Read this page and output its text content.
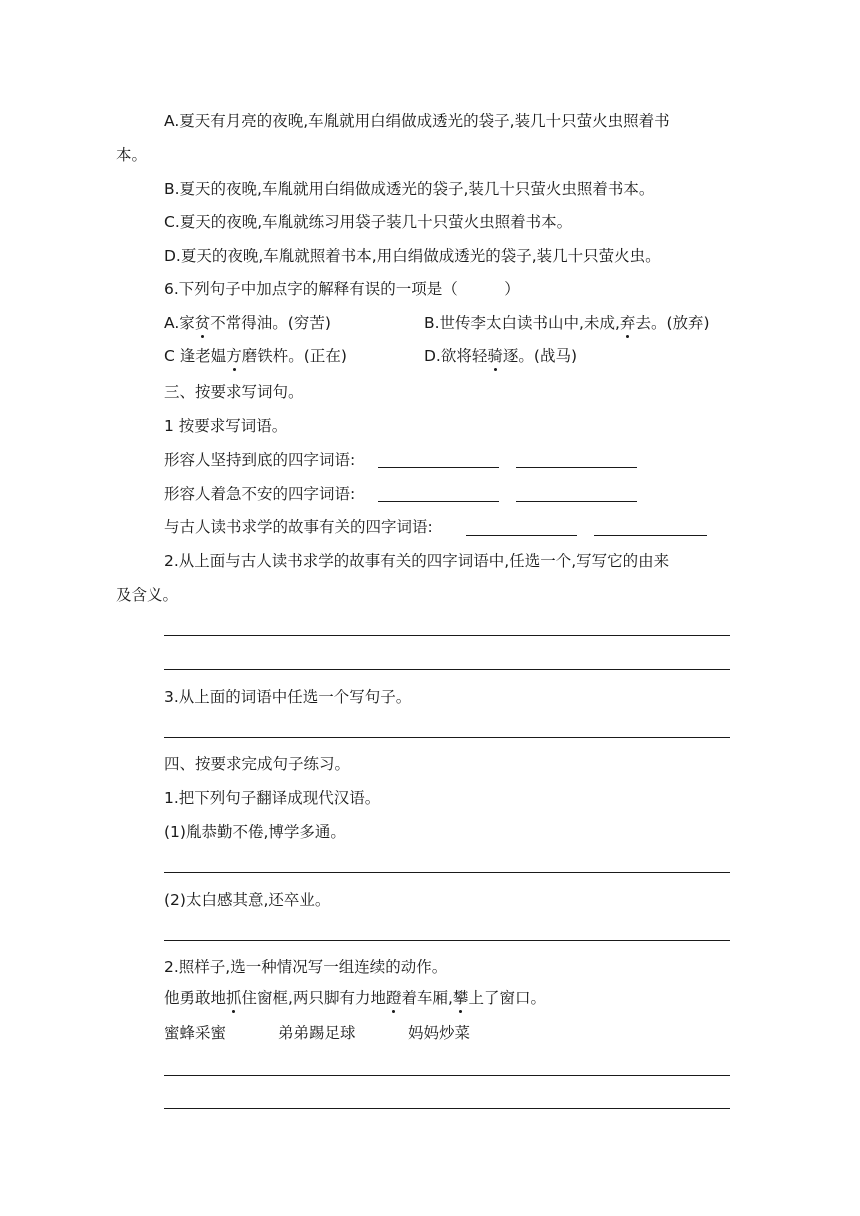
A.夏天有月亮的夜晚,车胤就用白绢做成透光的袋子,装几十只萤火虫照着书
本。
B.夏天的夜晚,车胤就用白绢做成透光的袋子,装几十只萤火虫照着书本。
C.夏天的夜晚,车胤就练习用袋子装几十只萤火虫照着书本。
D.夏天的夜晚,车胤就照着书本,用白绢做成透光的袋子,装几十只萤火虫。
6.下列句子中加点字的解释有误的一项是（　　　）
A.家贫不常得油。(穷苦)	B.世传李太白读书山中,未成,弃去。(放弃)
C 逢老媪方磨铁杵。(正在)	D.欲将轻骑逐。(战马)
三、按要求写词句。
1 按要求写词语。
形容人坚持到底的四字词语:
形容人着急不安的四字词语:
与古人读书求学的故事有关的四字词语:
2.从上面与古人读书求学的故事有关的四字词语中,任选一个,写写它的由来
及含义。
3.从上面的词语中任选一个写句子。
四、按要求完成句子练习。
1.把下列句子翻译成现代汉语。
(1)胤恭勤不倦,博学多通。
(2)太白感其意,还卒业。
2.照样子,选一种情况写一组连续的动作。
他勇敢地抓住窗框,两只脚有力地蹬着车厢,攀上了窗口。
蜜蜂采蜜	弟弟踢足球	妈妈炒菜
